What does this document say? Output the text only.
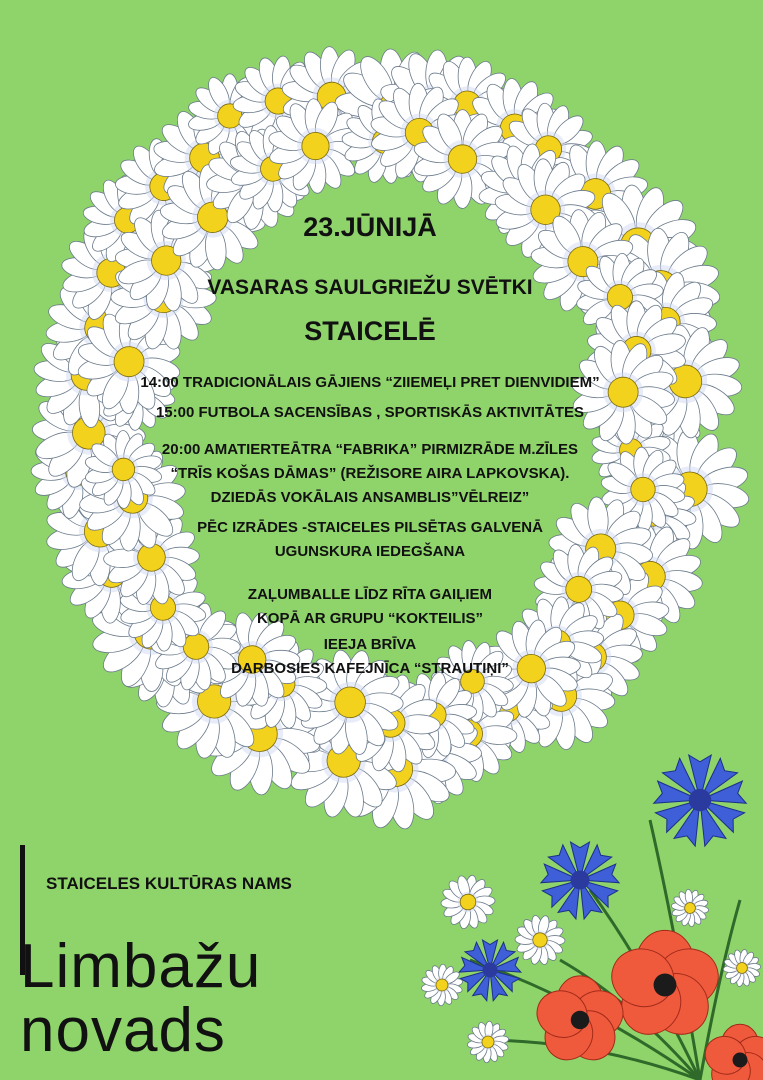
23.JŪNIJĀ
VASARAS SAULGRIEŽU SVĒTKI
STAICELĒ
14:00 TRADICIONĀLAIS GĀJIENS “ZIIEMEĻI PRET DIENVIDIEM”
15:00 FUTBOLA SACENSĪBAS , SPORTISKĀS AKTIVITĀTES
20:00 AMATIERTEĀTRA “FABRIKA” PIRMIZRĀDE M.ZĪLES
“TRĪS KOŠAS DĀMAS” (REŽISORE AIRA LAPKOVSKA).
DZIEDĀS VOKĀLAIS ANSAMBLIS”VĒLREIZ”
PĒC IZRĀDES -STAICELES PILSĒTAS GALVENĀ
UGUNSKURA IEDEGŠANA
ZAĻUMBALLE LĪDZ RĪTA GAIĻIEM
KOPĀ AR GRUPU “KOKTEILIS”
IEEJA BRĪVA
DARBOSIES KAFEJNĪCA “STRAUTIŅI”
STAICELES KULTŪRAS NAMS
Limbažu
novads
